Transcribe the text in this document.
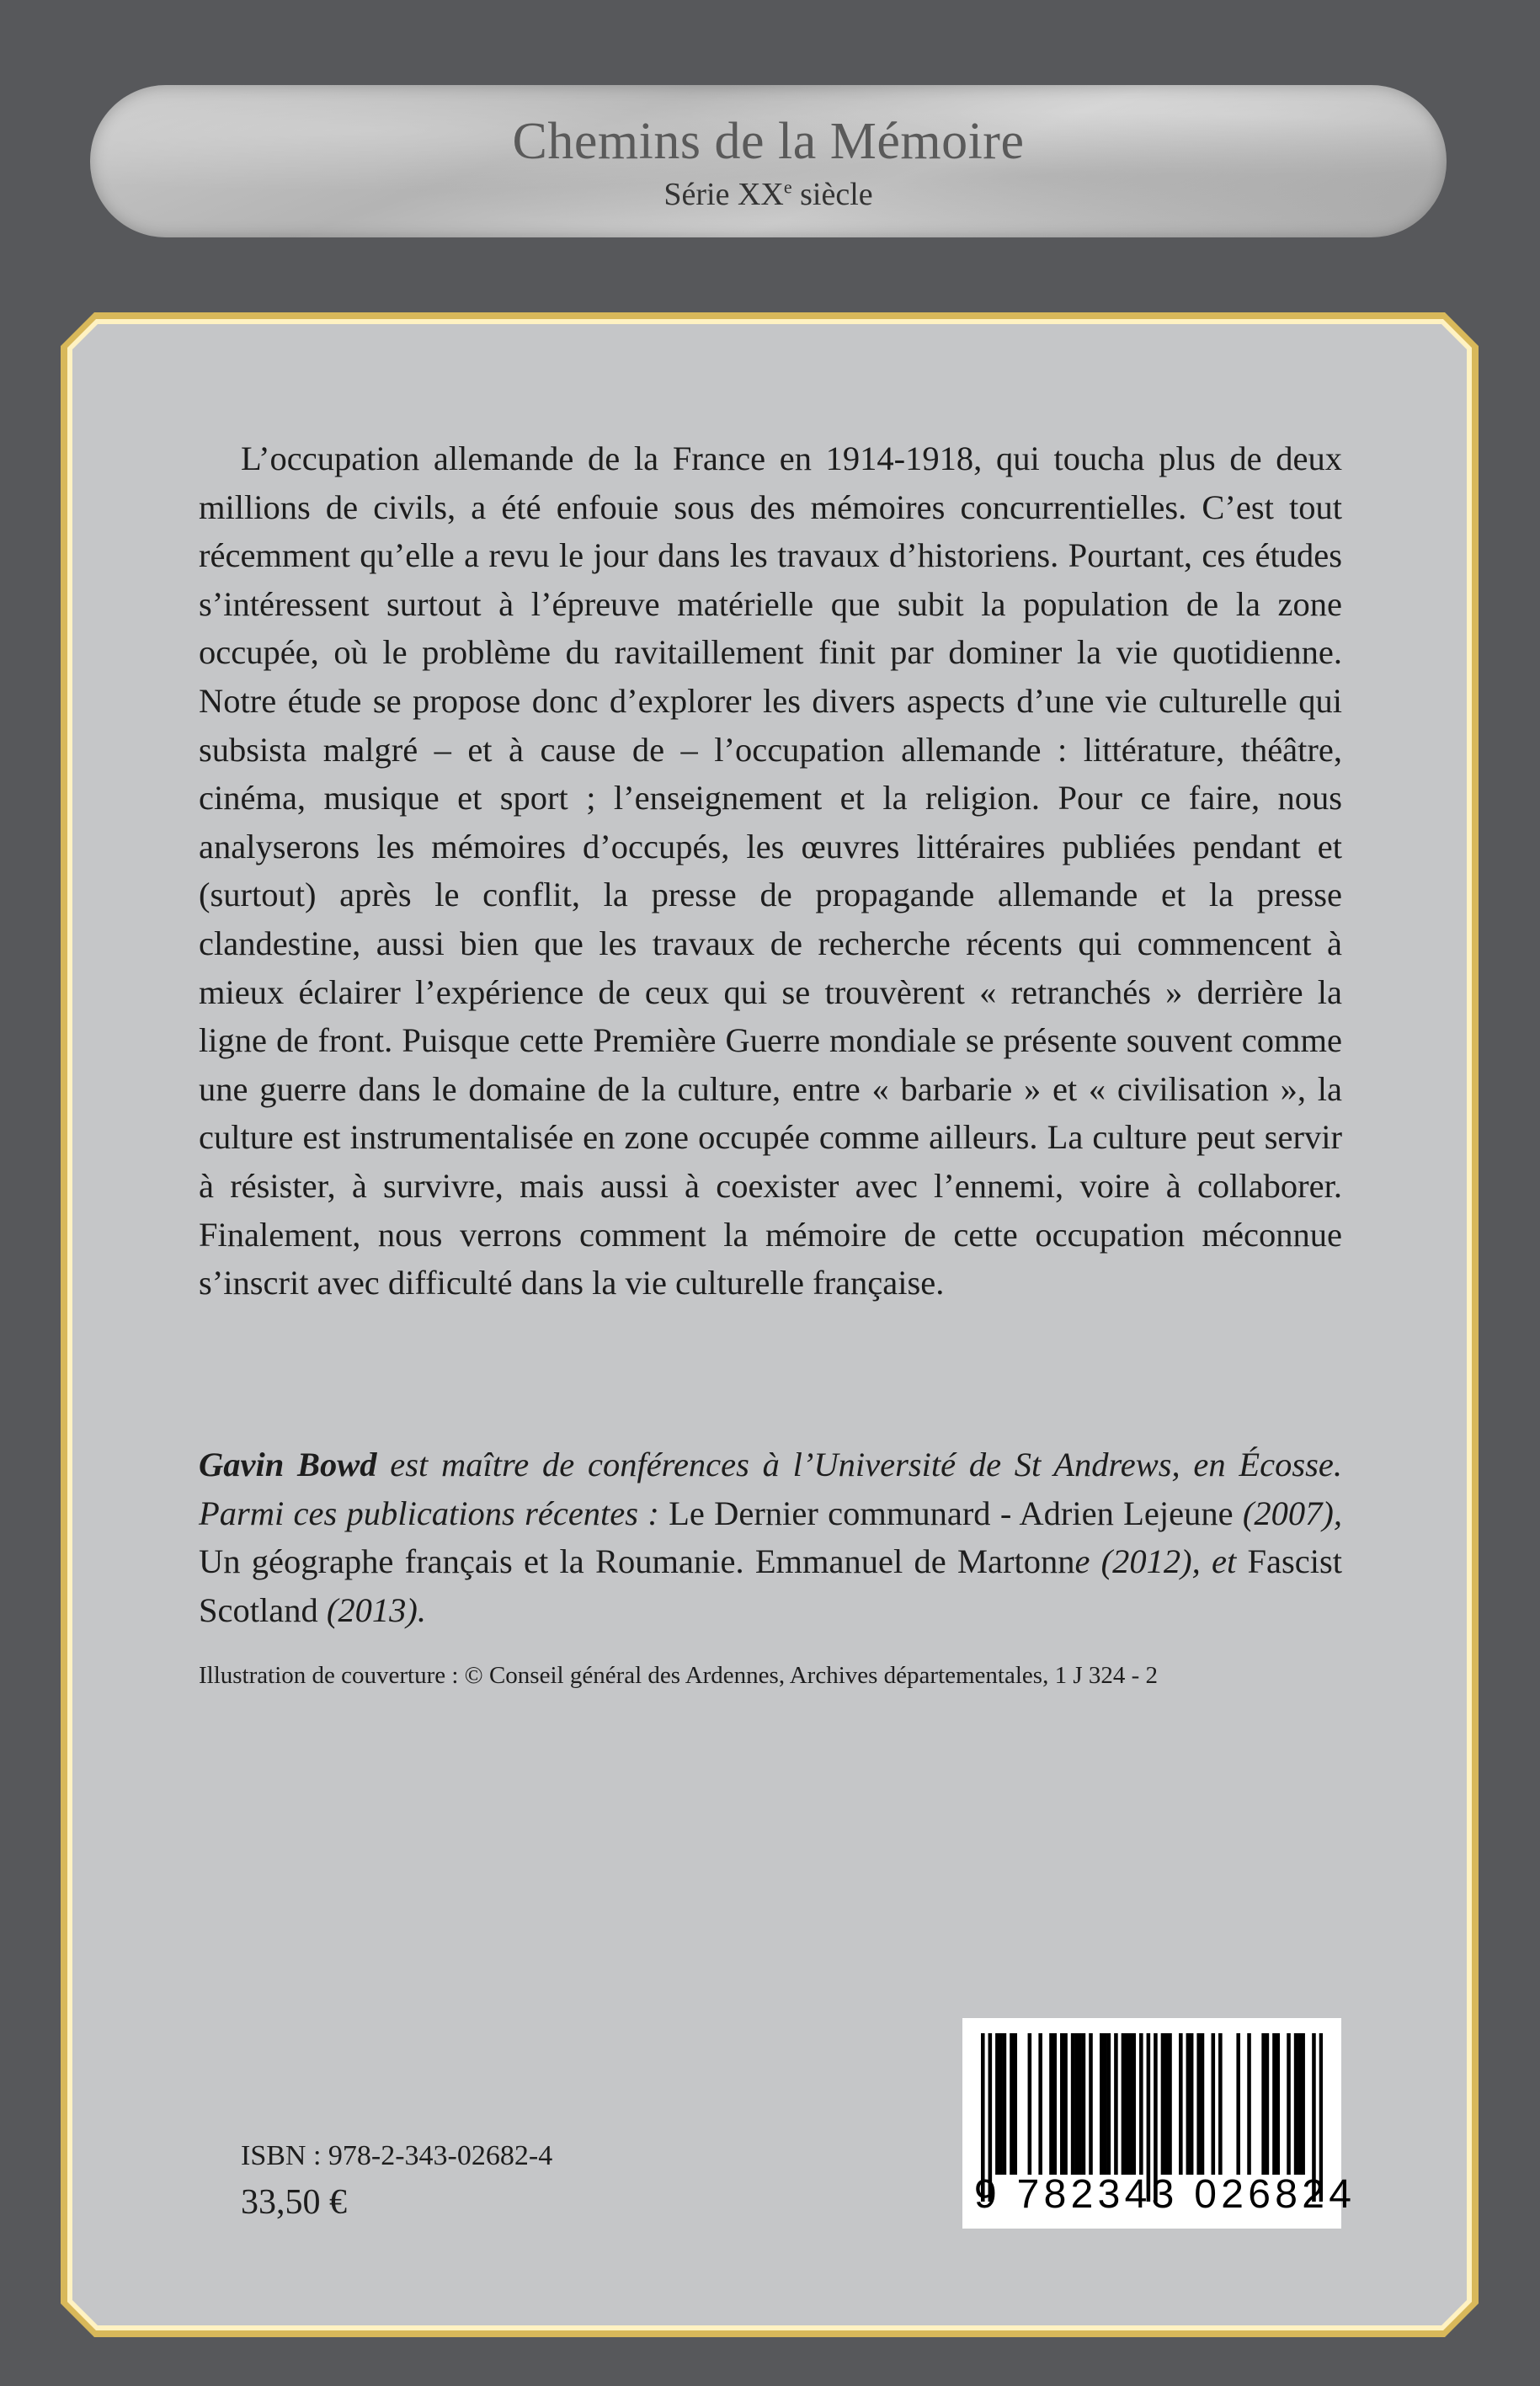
Chemins de la Mémoire
Série XXe siècle

L’occupation allemande de la France en 1914-1918, qui toucha plus de deux millions de civils, a été enfouie sous des mémoires concurrentielles. C’est tout récemment qu’elle a revu le jour dans les travaux d’historiens. Pourtant, ces études s’intéressent surtout à l’épreuve matérielle que subit la population de la zone occupée, où le problème du ravitaillement finit par dominer la vie quotidienne. Notre étude se propose donc d’explorer les divers aspects d’une vie culturelle qui subsista malgré – et à cause de – l’occupation allemande : littérature, théâtre, cinéma, musique et sport ; l’enseignement et la religion. Pour ce faire, nous analyserons les mémoires d’occupés, les œuvres littéraires publiées pendant et (surtout) après le conflit, la presse de propagande allemande et la presse clandestine, aussi bien que les travaux de recherche récents qui commencent à mieux éclairer l’expérience de ceux qui se trouvèrent « retranchés » derrière la ligne de front. Puisque cette Première Guerre mondiale se présente souvent comme une guerre dans le domaine de la culture, entre « barbarie » et « civilisation », la culture est instrumentalisée en zone occupée comme ailleurs. La culture peut servir à résister, à survivre, mais aussi à coexister avec l’ennemi, voire à collaborer. Finalement, nous verrons comment la mémoire de cette occupation méconnue s’inscrit avec difficulté dans la vie culturelle française.

Gavin Bowd est maître de conférences à l’Université de St Andrews, en Écosse. Parmi ces publications récentes : Le Dernier communard - Adrien Lejeune (2007), Un géographe français et la Roumanie. Emmanuel de Martonne (2012), et Fascist Scotland (2013).

Illustration de couverture : © Conseil général des Ardennes, Archives départementales, 1 J 324 - 2

ISBN : 978-2-343-02682-4
33,50 €	9 782343 026824
